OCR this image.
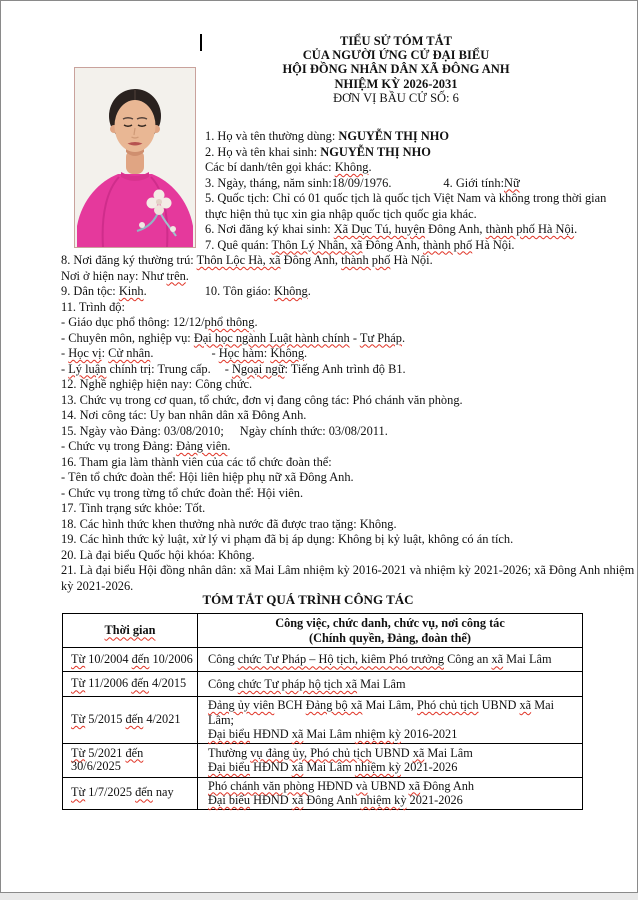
TIỂU SỬ TÓM TẮT
CỦA NGƯỜI ỨNG CỬ ĐẠI BIỂU
HỘI ĐỒNG NHÂN DÂN XÃ ĐÔNG ANH
NHIỆM KỲ 2026-2031
ĐƠN VỊ BẦU CỬ SỐ: 6
1. Họ và tên thường dùng: NGUYỄN THỊ NHO
2. Họ và tên khai sinh: NGUYỄN THỊ NHO
Các bí danh/tên gọi khác: Không.
3. Ngày, tháng, năm sinh:18/09/1976.	4. Giới tính:Nữ
5. Quốc tịch: Chỉ có 01 quốc tịch là quốc tịch Việt Nam và không trong thời gian
thực hiện thủ tục xin gia nhập quốc tịch quốc gia khác.
6. Nơi đăng ký khai sinh: Xã Dục Tú, huyện Đông Anh, thành phố Hà Nội.
7. Quê quán: Thôn Lý Nhân, xã Đông Anh, thành phố Hà Nội.
8. Nơi đăng ký thường trú: Thôn Lộc Hà, xã Đông Anh, thành phố Hà Nội.
Nơi ở hiện nay: Như trên.
9. Dân tộc: Kinh.	10. Tôn giáo: Không.
11. Trình độ:
- Giáo dục phổ thông: 12/12/phổ thông.
- Chuyên môn, nghiệp vụ: Đại học ngành Luật hành chính - Tư Pháp.
- Học vị: Cử nhân.	- Học hàm: Không.
- Lý luận chính trị: Trung cấp. - Ngoại ngữ: Tiếng Anh trình độ B1.
12. Nghề nghiệp hiện nay: Công chức.
13. Chức vụ trong cơ quan, tổ chức, đơn vị đang công tác: Phó chánh văn phòng.
14. Nơi công tác: Uy ban nhân dân xã Đông Anh.
15. Ngày vào Đảng: 03/08/2010; Ngày chính thức: 03/08/2011.
- Chức vụ trong Đảng: Đảng viên.
16. Tham gia làm thành viên của các tổ chức đoàn thể:
- Tên tổ chức đoàn thể: Hội liên hiệp phụ nữ xã Đông Anh.
- Chức vụ trong từng tổ chức đoàn thể: Hội viên.
17. Tình trạng sức khỏe: Tốt.
18. Các hình thức khen thưởng nhà nước đã được trao tặng: Không.
19. Các hình thức kỷ luật, xử lý vi phạm đã bị áp dụng: Không bị kỷ luật, không có án tích.
20. Là đại biểu Quốc hội khóa: Không.
21. Là đại biểu Hội đồng nhân dân: xã Mai Lâm nhiệm kỳ 2016-2021 và nhiệm kỳ 2021-2026; xã Đông Anh nhiệm
kỳ 2021-2026.
TÓM TẮT QUÁ TRÌNH CÔNG TÁC
Thời gian	Công việc, chức danh, chức vụ, nơi công tác
(Chính quyền, Đảng, đoàn thể)

Từ 10/2004 đến 10/2006	Công chức Tư Pháp – Hộ tịch, kiêm Phó trưởng Công an xã Mai Lâm

Từ 11/2006 đến 4/2015	Công chức Tư pháp hộ tịch xã Mai Lâm

Từ 5/2015 đến 4/2021	Đảng ủy viên BCH Đảng bộ xã Mai Lâm, Phó chủ tịch UBND xã Mai Lâm;
Đại biểu HĐND xã Mai Lâm nhiệm kỳ 2016-2021

Từ 5/2021 đến 30/6/2025	Thường vụ đảng ủy, Phó chủ tịch UBND xã Mai Lâm
Đại biểu HĐND xã Mai Lâm nhiệm kỳ 2021-2026

Từ 1/7/2025 đến nay	Phó chánh văn phòng HĐND và UBND xã Đông Anh
Đại biểu HĐND xã Đông Anh nhiệm kỳ 2021-2026
